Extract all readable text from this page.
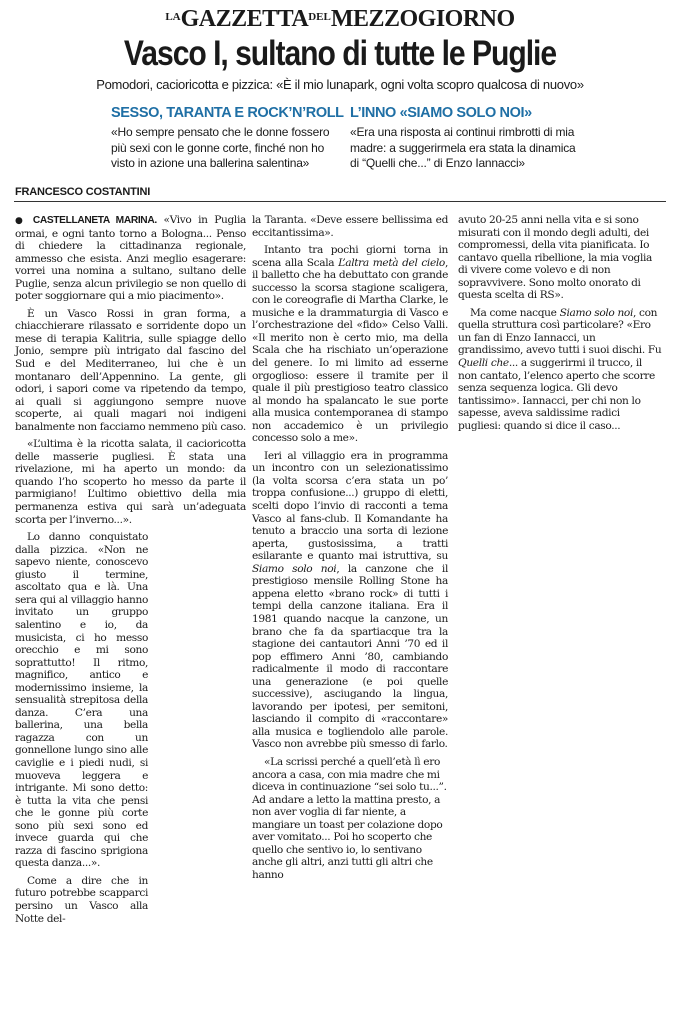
$^{LA}GAZZETTA^{DEL}MEZZOGIORNO$
Vasco I, sultano di tutte le Puglie
Pomodori, cacioricotta e pizzica: «È il mio lunapark, ogni volta scopro qualcosa di nuovo»
SESSO, TARANTA E ROCK’N’ROLL

«Ho sempre pensato che le donne fossero più sexi con le gonne corte, finché non ho visto in azione una ballerina salentina»

L’INNO «SIAMO SOLO NOI»

«Era una risposta ai continui rimbrotti di mia madre: a suggerirmela era stata la dinamica di “Quelli che...” di Enzo Iannacci»

FRANCESCO COSTANTINI

● CASTELLANETA MARINA. «Vivo in Puglia ormai, e ogni tanto torno a Bologna... Penso di chiedere la cittadinanza regionale, ammesso che esista. Anzi meglio esagerare: vorrei una nomina a sultano, sultano delle Puglie, senza alcun privilegio se non quello di poter soggiornare qui a mio piacimento».

È un Vasco Rossi in gran forma, a chiacchierare rilassato e sorridente dopo un mese di terapia Kalitria, sulle spiagge dello Jonio, sempre più intrigato dal fascino del Sud e del Mediterraneo, lui che è un montanaro dell’Appennino. La gente, gli odori, i sapori come va ripetendo da tempo, ai quali si aggiungono sempre nuove scoperte, ai quali magari noi indigeni banalmente non facciamo nemmeno più caso.

«L’ultima è la ricotta salata, il cacioricotta delle masserie pugliesi. È stata una rivelazione, mi ha aperto un mondo: da quando l’ho scoperto ho messo da parte il parmigiano! L’ultimo obiettivo della mia permanenza estiva qui sarà un’adeguata scorta per l’inverno...».

Lo danno conquistato dalla pizzica. «Non ne sapevo niente, conoscevo giusto il termine, ascoltato qua e là. Una sera qui al villaggio hanno invitato un gruppo salentino e io, da musicista, ci ho messo orecchio e mi sono soprattutto! Il ritmo, magnifico, antico e modernissimo insieme, la sensualità strepitosa della danza. C’era una ballerina, una bella ragazza con un gonnellone lungo sino alle caviglie e i piedi nudi, si muoveva leggera e intrigante. Mi sono detto: è tutta la vita che pensi che le gonne più corte sono più sexi sono ed invece guarda qui che razza di fascino sprigiona questa danza...».

Come a dire che in futuro potrebbe scapparci persino un Vasco alla Notte del-

la Taranta. «Deve essere bellissima ed eccitantissima».

Intanto tra pochi giorni torna in scena alla Scala L’altra metà del cielo, il balletto che ha debuttato con grande successo la scorsa stagione scaligera, con le coreografie di Martha Clarke, le musiche e la drammaturgia di Vasco e l’orchestrazione del «fido» Celso Valli. «Il merito non è certo mio, ma della Scala che ha rischiato un’operazione del genere. Io mi limito ad esserne orgoglioso: essere il tramite per il quale il più prestigioso teatro classico al mondo ha spalancato le sue porte alla musica contemporanea di stampo non accademico è un privilegio concesso solo a me».

Ieri al villaggio era in programma un incontro con un selezionatissimo (la volta scorsa c’era stata un po’ troppa confusione...) gruppo di eletti, scelti dopo l’invio di racconti a tema Vasco al fans-club. Il Komandante ha tenuto a braccio una sorta di lezione aperta, gustosissima, a tratti esilarante e quanto mai istruttiva, su Siamo solo noi, la canzone che il prestigioso mensile Rolling Stone ha appena eletto «brano rock» di tutti i tempi della canzone italiana. Era il 1981 quando nacque la canzone, un brano che fa da spartiacque tra la stagione dei cantautori Anni ’70 ed il pop effimero Anni ’80, cambiando radicalmente il modo di raccontare una generazione (e poi quelle successive), asciugando la lingua, lavorando per ipotesi, per semitoni, lasciando il compito di «raccontare» alla musica e togliendolo alle parole. Vasco non avrebbe più smesso di farlo.

«La scrissi perché a quell’età lì ero ancora a casa, con mia madre che mi diceva in continuazione “sei solo tu...”. Ad andare a letto la mattina presto, a non aver voglia di far niente, a mangiare un toast per colazione dopo aver vomitato... Poi ho scoperto che quello che sentivo io, lo sentivano anche gli altri, anzi tutti gli altri che hanno

avuto 20-25 anni nella vita e si sono misurati con il mondo degli adulti, dei compromessi, della vita pianificata. Io cantavo quella ribellione, la mia voglia di vivere come volevo e di non sopravvivere. Sono molto onorato di questa scelta di RS».

Ma come nacque Siamo solo noi, con quella struttura così particolare? «Ero un fan di Enzo Iannacci, un grandissimo, avevo tutti i suoi dischi. Fu Quelli che... a suggerirmi il trucco, il non cantato, l’elenco aperto che scorre senza sequenza logica. Gli devo tantissimo». Iannacci, per chi non lo sapesse, aveva saldissime radici pugliesi: quando si dice il caso...
